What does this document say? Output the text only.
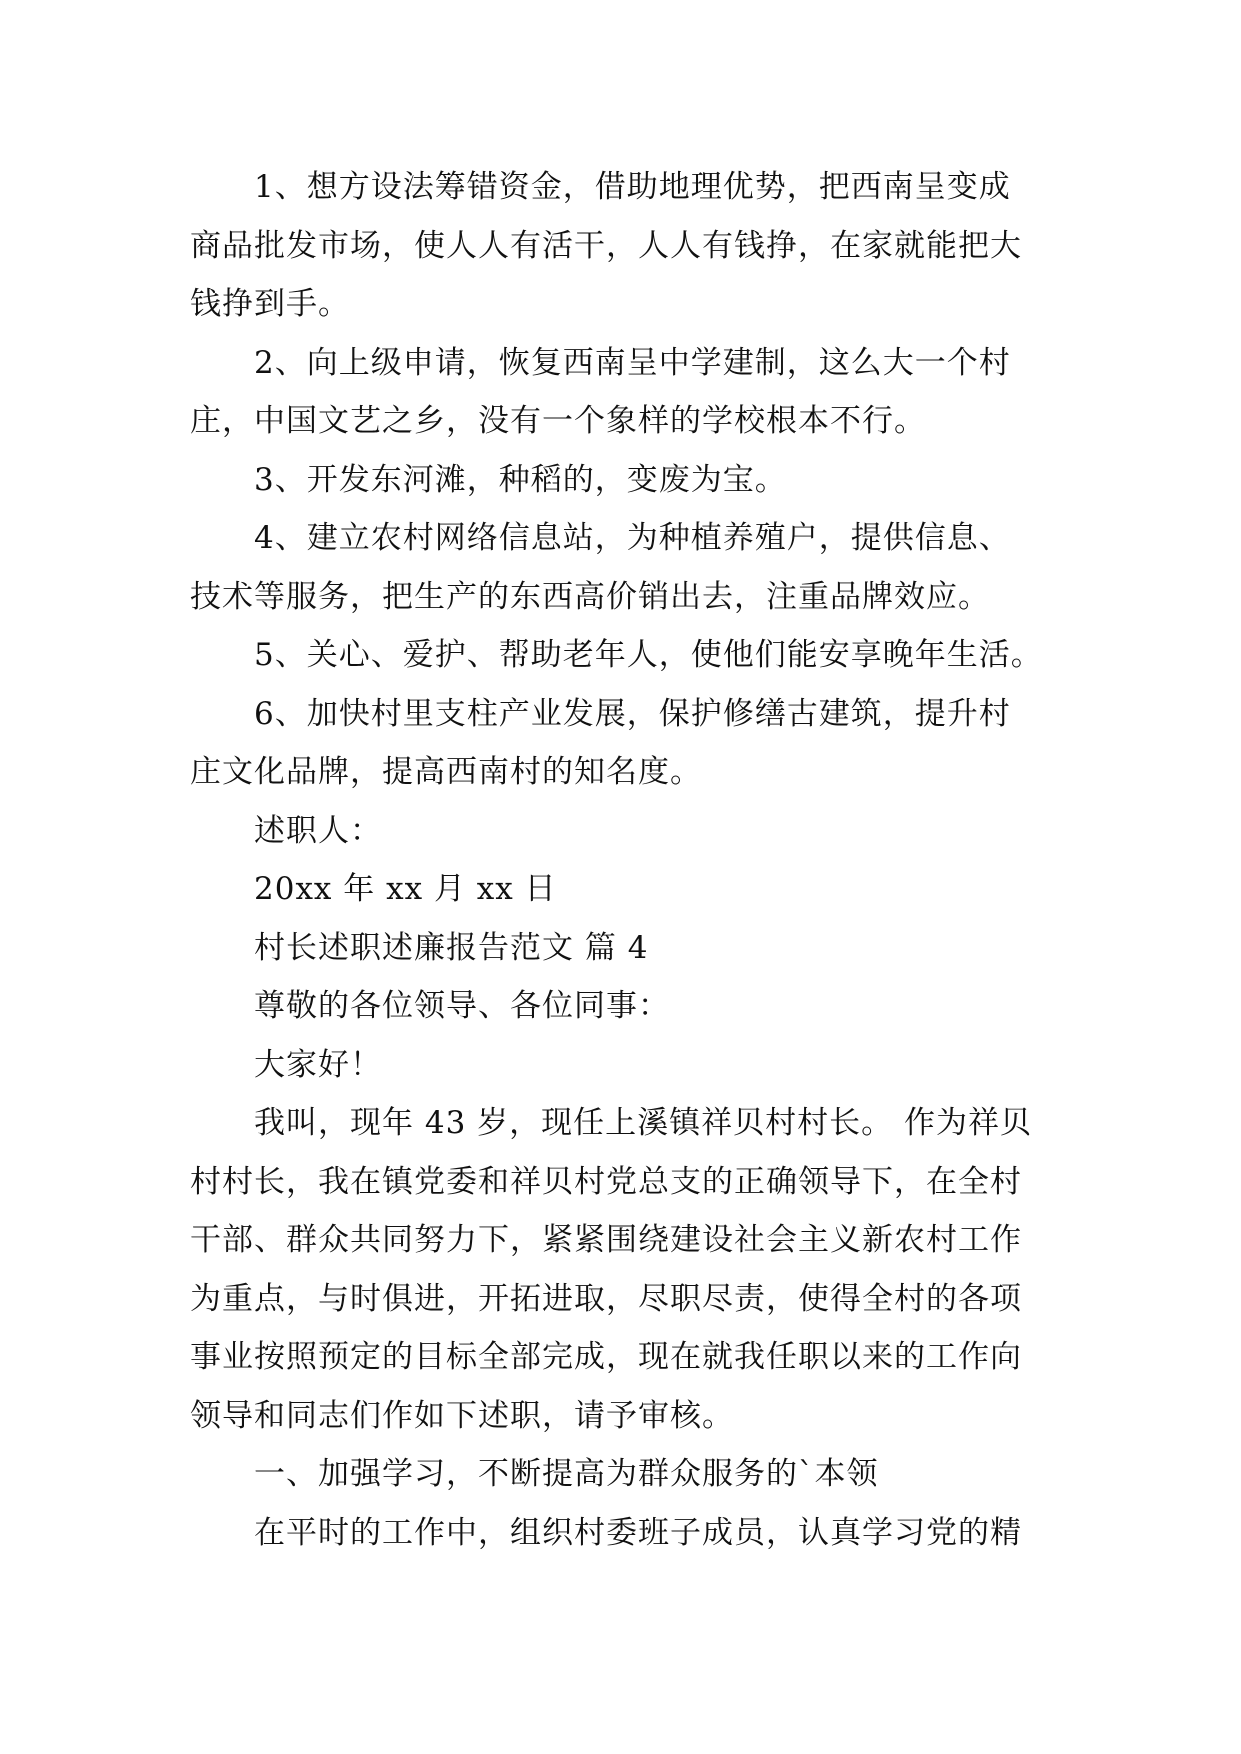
1、想方设法筹错资金，借助地理优势，把西南呈变成
商品批发市场，使人人有活干，人人有钱挣，在家就能把大
钱挣到手。
2、向上级申请，恢复西南呈中学建制，这么大一个村
庄，中国文艺之乡，没有一个象样的学校根本不行。
3、开发东河滩，种稻的，变废为宝。
4、建立农村网络信息站，为种植养殖户，提供信息、
技术等服务，把生产的东西高价销出去，注重品牌效应。
5、关心、爱护、帮助老年人，使他们能安享晚年生活。
6、加快村里支柱产业发展，保护修缮古建筑，提升村
庄文化品牌，提高西南村的知名度。
述职人：
20xx 年 xx 月 xx 日
村长述职述廉报告范文 篇 4
尊敬的各位领导、各位同事：
大家好！
我叫，现年 43 岁，现任上溪镇祥贝村村长。 作为祥贝
村村长，我在镇党委和祥贝村党总支的正确领导下，在全村
干部、群众共同努力下，紧紧围绕建设社会主义新农村工作
为重点，与时俱进，开拓进取，尽职尽责，使得全村的各项
事业按照预定的目标全部完成，现在就我任职以来的工作向
领导和同志们作如下述职，请予审核。
一、加强学习，不断提高为群众服务的`本领
在平时的工作中，组织村委班子成员，认真学习党的精
